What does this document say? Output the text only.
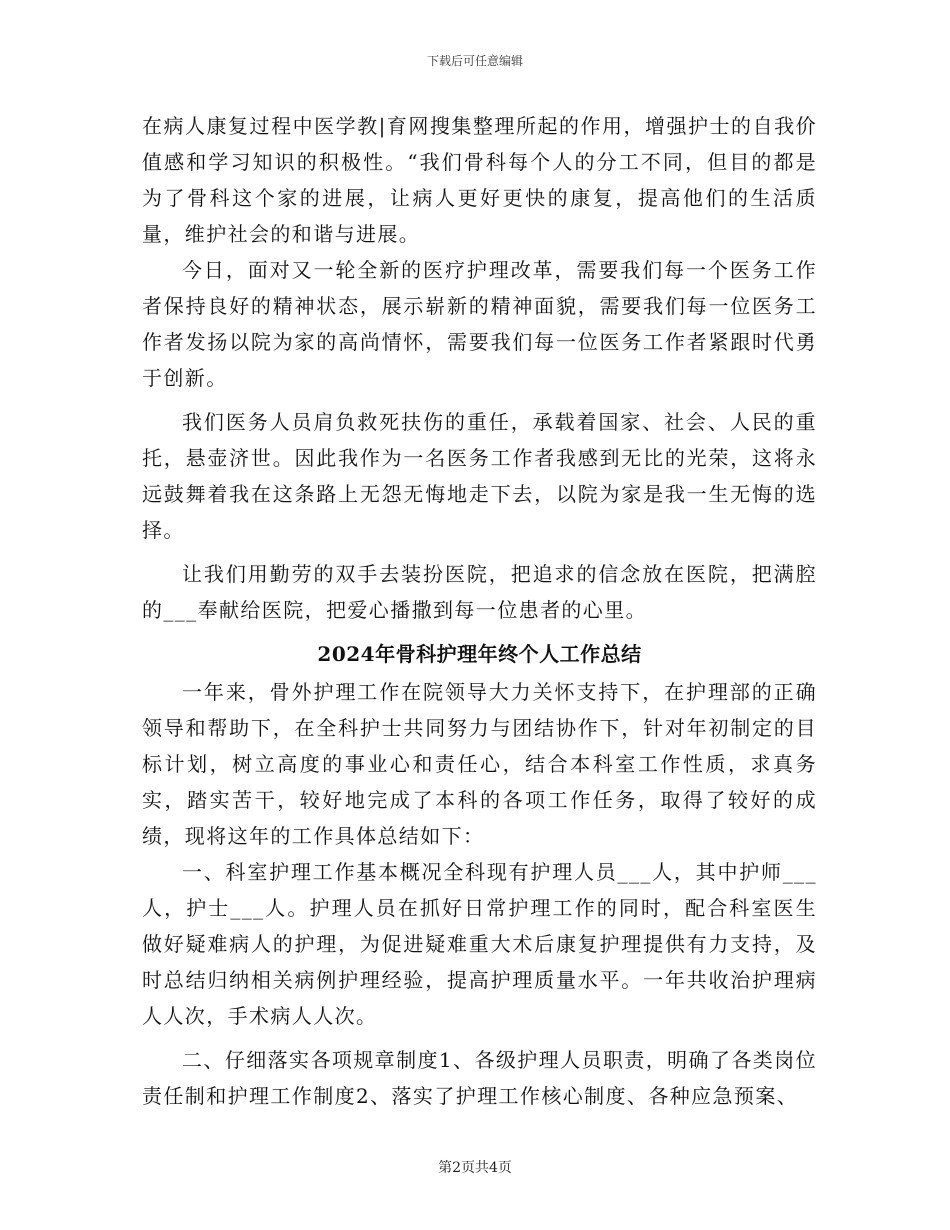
下载后可任意编辑

在病人康复过程中医学教|育网搜集整理所起的作用，增强护士的自我价值感和学习知识的积极性。“我们骨科每个人的分工不同，但目的都是为了骨科这个家的进展，让病人更好更快的康复，提高他们的生活质量，维护社会的和谐与进展。

今日，面对又一轮全新的医疗护理改革，需要我们每一个医务工作者保持良好的精神状态，展示崭新的精神面貌，需要我们每一位医务工作者发扬以院为家的高尚情怀，需要我们每一位医务工作者紧跟时代勇于创新。

我们医务人员肩负救死扶伤的重任，承载着国家、社会、人民的重托，悬壶济世。因此我作为一名医务工作者我感到无比的光荣，这将永远鼓舞着我在这条路上无怨无悔地走下去，以院为家是我一生无悔的选择。

让我们用勤劳的双手去装扮医院，把追求的信念放在医院，把满腔的___奉献给医院，把爱心播撒到每一位患者的心里。

2024年骨科护理年终个人工作总结

一年来，骨外护理工作在院领导大力关怀支持下，在护理部的正确领导和帮助下，在全科护士共同努力与团结协作下，针对年初制定的目标计划，树立高度的事业心和责任心，结合本科室工作性质，求真务实，踏实苦干，较好地完成了本科的各项工作任务，取得了较好的成绩，现将这年的工作具体总结如下：

一、科室护理工作基本概况全科现有护理人员___人，其中护师___人，护士___人。护理人员在抓好日常护理工作的同时，配合科室医生做好疑难病人的护理，为促进疑难重大术后康复护理提供有力支持，及时总结归纳相关病例护理经验，提高护理质量水平。一年共收治护理病人人次，手术病人人次。

二、仔细落实各项规章制度1、各级护理人员职责，明确了各类岗位责任制和护理工作制度2、落实了护理工作核心制度、各种应急预案、

第2页共4页
